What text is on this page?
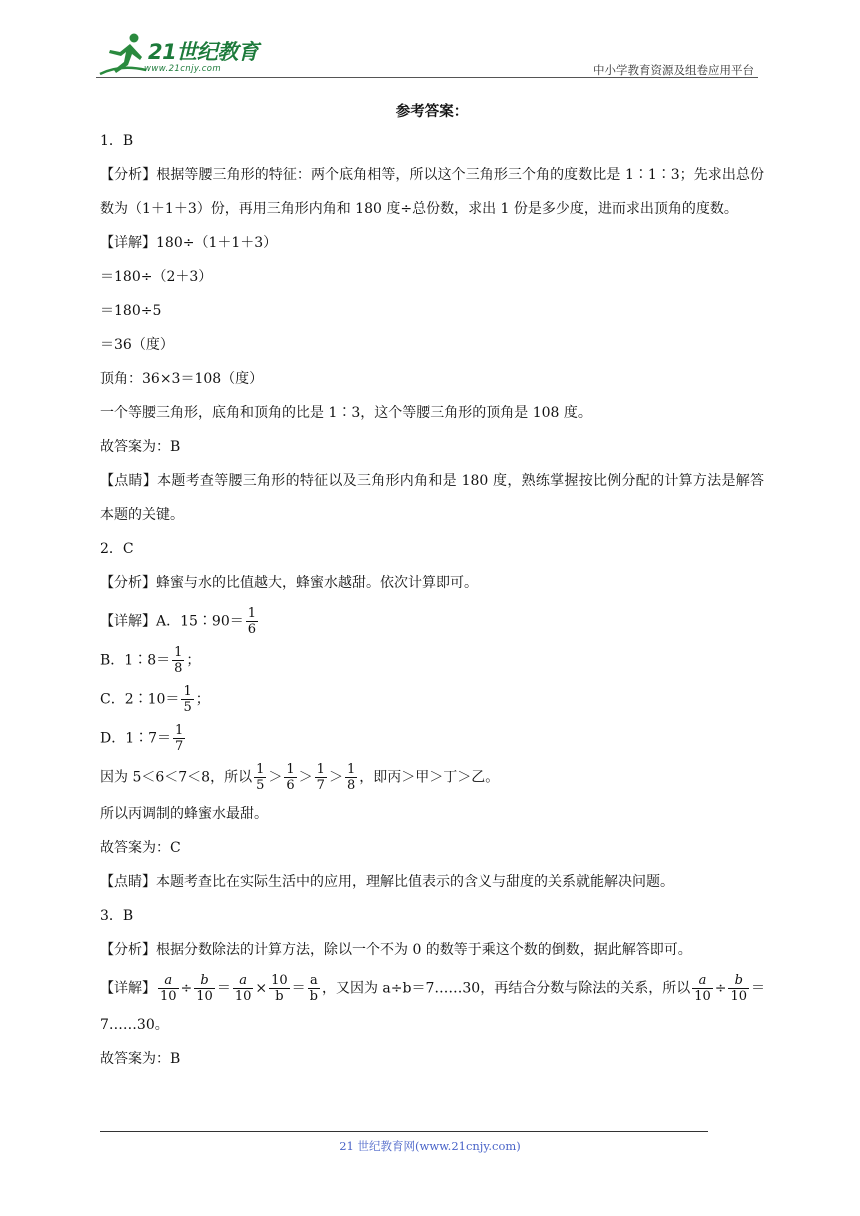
21世纪教育
www.21cnjy.com	中小学教育资源及组卷应用平台
参考答案：
1．B
【分析】根据等腰三角形的特征：两个底角相等，所以这个三角形三个角的度数比是 1∶1∶3；先求出总份数为（1＋1＋3）份，再用三角形内角和 180 度÷总份数，求出 1 份是多少度，进而求出顶角的度数。
【详解】180÷（1＋1＋3）
＝180÷（2＋3）
＝180÷5
＝36（度）
顶角：36×3＝108（度）
一个等腰三角形，底角和顶角的比是 1∶3，这个等腰三角形的顶角是 108 度。
故答案为：B
【点睛】本题考查等腰三角形的特征以及三角形内角和是 180 度，熟练掌握按比例分配的计算方法是解答本题的关键。
2．C
【分析】蜂蜜与水的比值越大，蜂蜜水越甜。依次计算即可。
【详解】A．15∶90＝ $\frac{1}{6}$
B．1∶8＝ $\frac{1}{8}$ ；
C．2∶10＝ $\frac{1}{5}$ ；
D．1∶7＝ $\frac{1}{7}$
因为 5＜6＜7＜8，所以 $\frac{1}{5} > \frac{1}{6} > \frac{1}{7} > \frac{1}{8}$ ，即丙＞甲＞丁＞乙。
所以丙调制的蜂蜜水最甜。
故答案为：C
【点睛】本题考查比在实际生活中的应用，理解比值表示的含义与甜度的关系就能解决问题。
3．B
【分析】根据分数除法的计算方法，除以一个不为 0 的数等于乘这个数的倒数，据此解答即可。
【详解】 $\frac{a}{10} \div \frac{b}{10} = \frac{a}{10} \times \frac{10}{b} = \frac{a}{b}$ ，又因为 a÷b＝7……30，再结合分数与除法的关系，所以 $\frac{a}{10} \div \frac{b}{10}$ ＝
7……30。
故答案为：B
21 世纪教育网(www.21cnjy.com)
